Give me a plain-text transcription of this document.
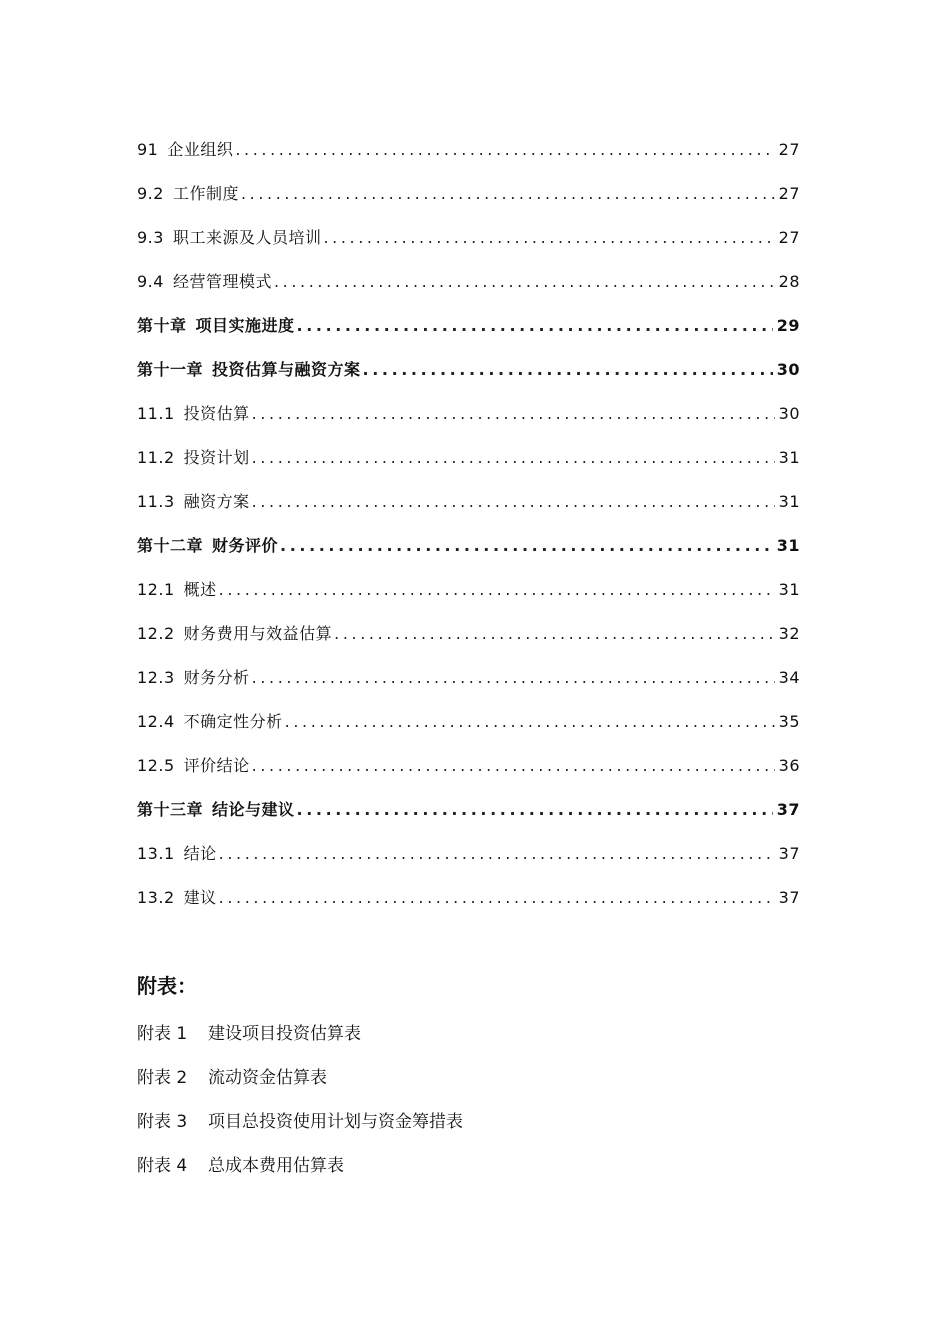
91 企业组织 .....	27
9.2 工作制度 .....	27
9.3 职工来源及人员培训 .....	27
9.4 经营管理模式 .....	28
第十章 项目实施进度 .....	29
第十一章 投资估算与融资方案 .....	30
11.1 投资估算 .....	30
11.2 投资计划 .....	31
11.3 融资方案 .....	31
第十二章 财务评价 .....	31
12.1 概述 .....	31
12.2 财务费用与效益估算 .....	32
12.3 财务分析 .....	34
12.4 不确定性分析 .....	35
12.5 评价结论 .....	36
第十三章 结论与建议 .....	37
13.1 结论 .....	37
13.2 建议 .....	37
附表：
附表 1 建设项目投资估算表
附表 2 流动资金估算表
附表 3 项目总投资使用计划与资金筹措表
附表 4 总成本费用估算表
